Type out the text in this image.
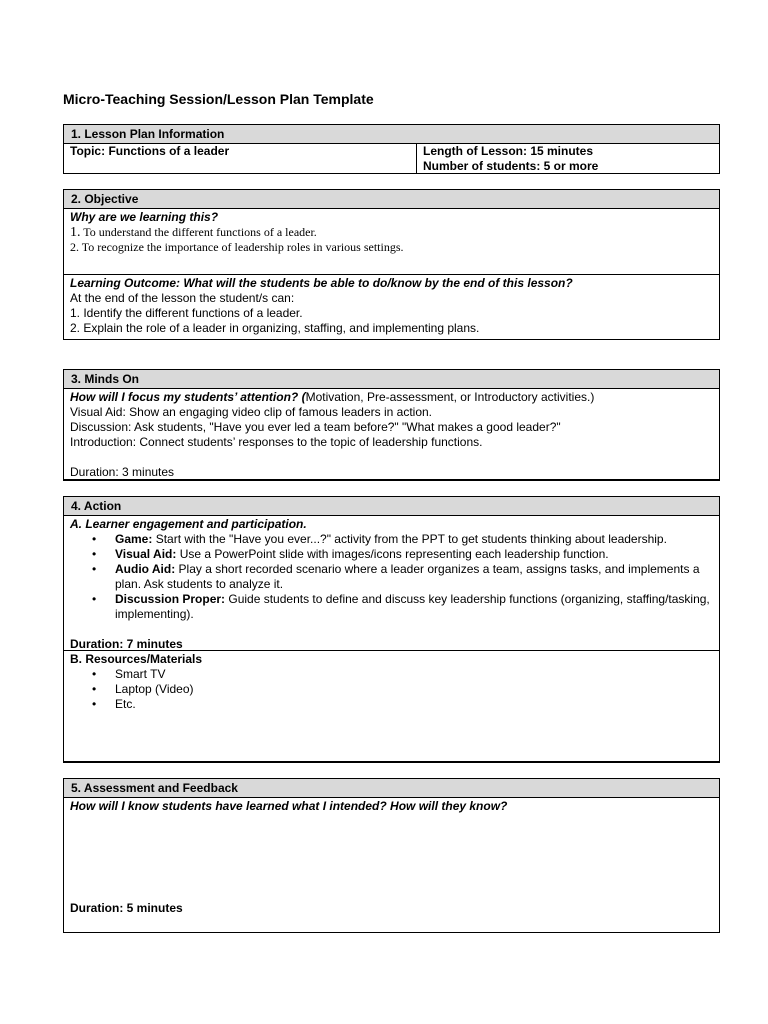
Micro-Teaching Session/Lesson Plan Template
1. Lesson Plan Information
Topic: Functions of a leader	Length of Lesson: 15 minutes
Number of students: 5 or more
2. Objective
Why are we learning this?
1. To understand the different functions of a leader.
2. To recognize the importance of leadership roles in various settings.
Learning Outcome: What will the students be able to do/know by the end of this lesson?
At the end of the lesson the student/s can:
1. Identify the different functions of a leader.
2. Explain the role of a leader in organizing, staffing, and implementing plans.
3. Minds On
How will I focus my students’ attention? (Motivation, Pre-assessment, or Introductory activities.)
Visual Aid: Show an engaging video clip of famous leaders in action.
Discussion: Ask students, "Have you ever led a team before?" "What makes a good leader?"
Introduction: Connect students’ responses to the topic of leadership functions.
Duration: 3 minutes
4. Action
A. Learner engagement and participation.
• Game: Start with the "Have you ever...?" activity from the PPT to get students thinking about leadership.
• Visual Aid: Use a PowerPoint slide with images/icons representing each leadership function.
• Audio Aid: Play a short recorded scenario where a leader organizes a team, assigns tasks, and implements a plan. Ask students to analyze it.
• Discussion Proper: Guide students to define and discuss key leadership functions (organizing, staffing/tasking, implementing).
Duration: 7 minutes
B. Resources/Materials
• Smart TV
• Laptop (Video)
• Etc.
5. Assessment and Feedback
How will I know students have learned what I intended? How will they know?
Duration: 5 minutes
